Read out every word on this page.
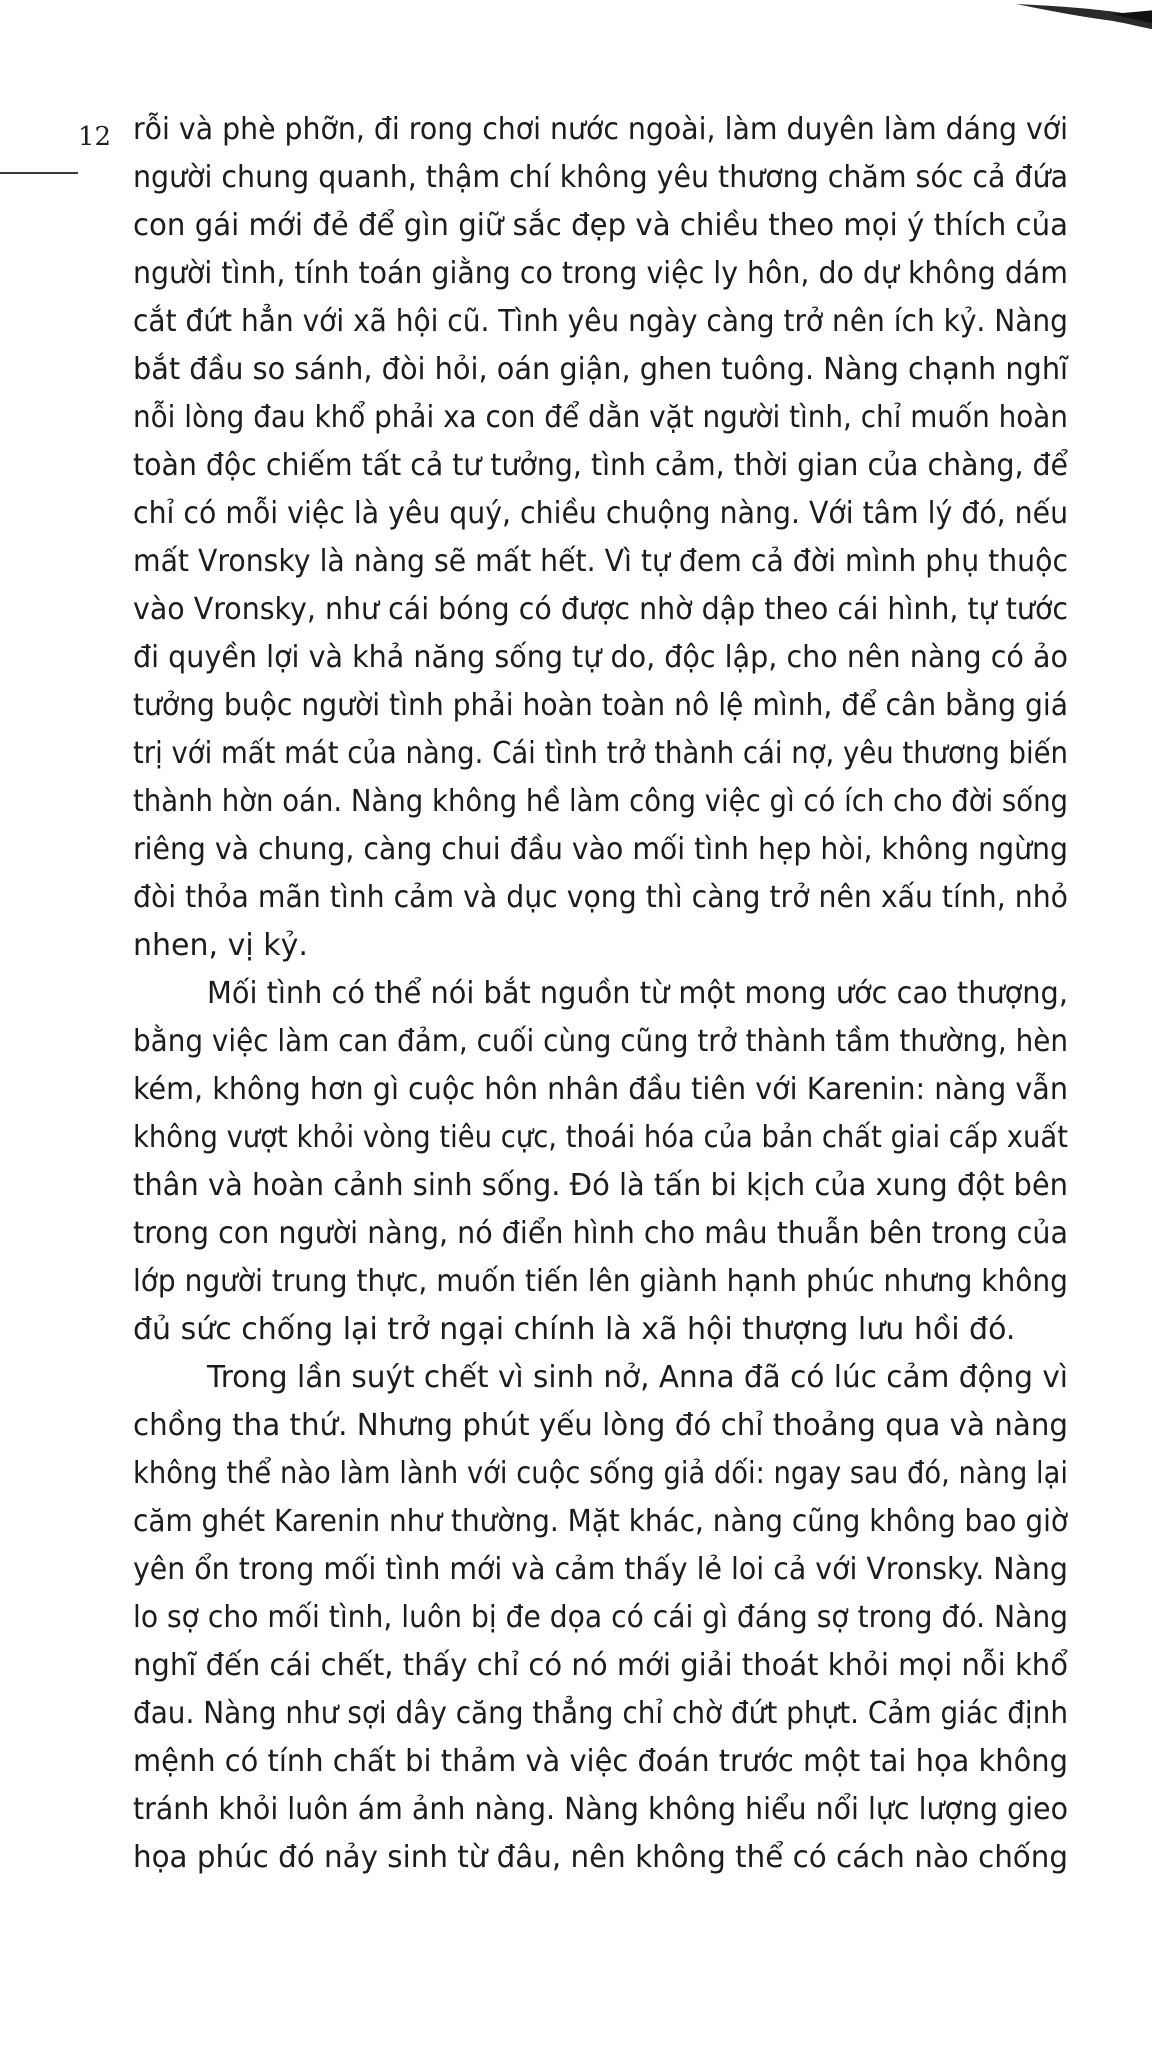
12 rỗi và phè phỡn, đi rong chơi nước ngoài, làm duyên làm dáng với
người chung quanh, thậm chí không yêu thương chăm sóc cả đứa
con gái mới đẻ để gìn giữ sắc đẹp và chiều theo mọi ý thích của
người tình, tính toán giằng co trong việc ly hôn, do dự không dám
cắt đứt hẳn với xã hội cũ. Tình yêu ngày càng trở nên ích kỷ. Nàng
bắt đầu so sánh, đòi hỏi, oán giận, ghen tuông. Nàng chạnh nghĩ
nỗi lòng đau khổ phải xa con để dằn vặt người tình, chỉ muốn hoàn
toàn độc chiếm tất cả tư tưởng, tình cảm, thời gian của chàng, để
chỉ có mỗi việc là yêu quý, chiều chuộng nàng. Với tâm lý đó, nếu
mất Vronsky là nàng sẽ mất hết. Vì tự đem cả đời mình phụ thuộc
vào Vronsky, như cái bóng có được nhờ dập theo cái hình, tự tước
đi quyền lợi và khả năng sống tự do, độc lập, cho nên nàng có ảo
tưởng buộc người tình phải hoàn toàn nô lệ mình, để cân bằng giá
trị với mất mát của nàng. Cái tình trở thành cái nợ, yêu thương biến
thành hờn oán. Nàng không hề làm công việc gì có ích cho đời sống
riêng và chung, càng chui đầu vào mối tình hẹp hòi, không ngừng
đòi thỏa mãn tình cảm và dục vọng thì càng trở nên xấu tính, nhỏ
nhen, vị kỷ.
Mối tình có thể nói bắt nguồn từ một mong ước cao thượng,
bằng việc làm can đảm, cuối cùng cũng trở thành tầm thường, hèn
kém, không hơn gì cuộc hôn nhân đầu tiên với Karenin: nàng vẫn
không vượt khỏi vòng tiêu cực, thoái hóa của bản chất giai cấp xuất
thân và hoàn cảnh sinh sống. Đó là tấn bi kịch của xung đột bên
trong con người nàng, nó điển hình cho mâu thuẫn bên trong của
lớp người trung thực, muốn tiến lên giành hạnh phúc nhưng không
đủ sức chống lại trở ngại chính là xã hội thượng lưu hồi đó.
Trong lần suýt chết vì sinh nở, Anna đã có lúc cảm động vì
chồng tha thứ. Nhưng phút yếu lòng đó chỉ thoảng qua và nàng
không thể nào làm lành với cuộc sống giả dối: ngay sau đó, nàng lại
căm ghét Karenin như thường. Mặt khác, nàng cũng không bao giờ
yên ổn trong mối tình mới và cảm thấy lẻ loi cả với Vronsky. Nàng
lo sợ cho mối tình, luôn bị đe dọa có cái gì đáng sợ trong đó. Nàng
nghĩ đến cái chết, thấy chỉ có nó mới giải thoát khỏi mọi nỗi khổ
đau. Nàng như sợi dây căng thẳng chỉ chờ đứt phựt. Cảm giác định
mệnh có tính chất bi thảm và việc đoán trước một tai họa không
tránh khỏi luôn ám ảnh nàng. Nàng không hiểu nổi lực lượng gieo
họa phúc đó nảy sinh từ đâu, nên không thể có cách nào chống
